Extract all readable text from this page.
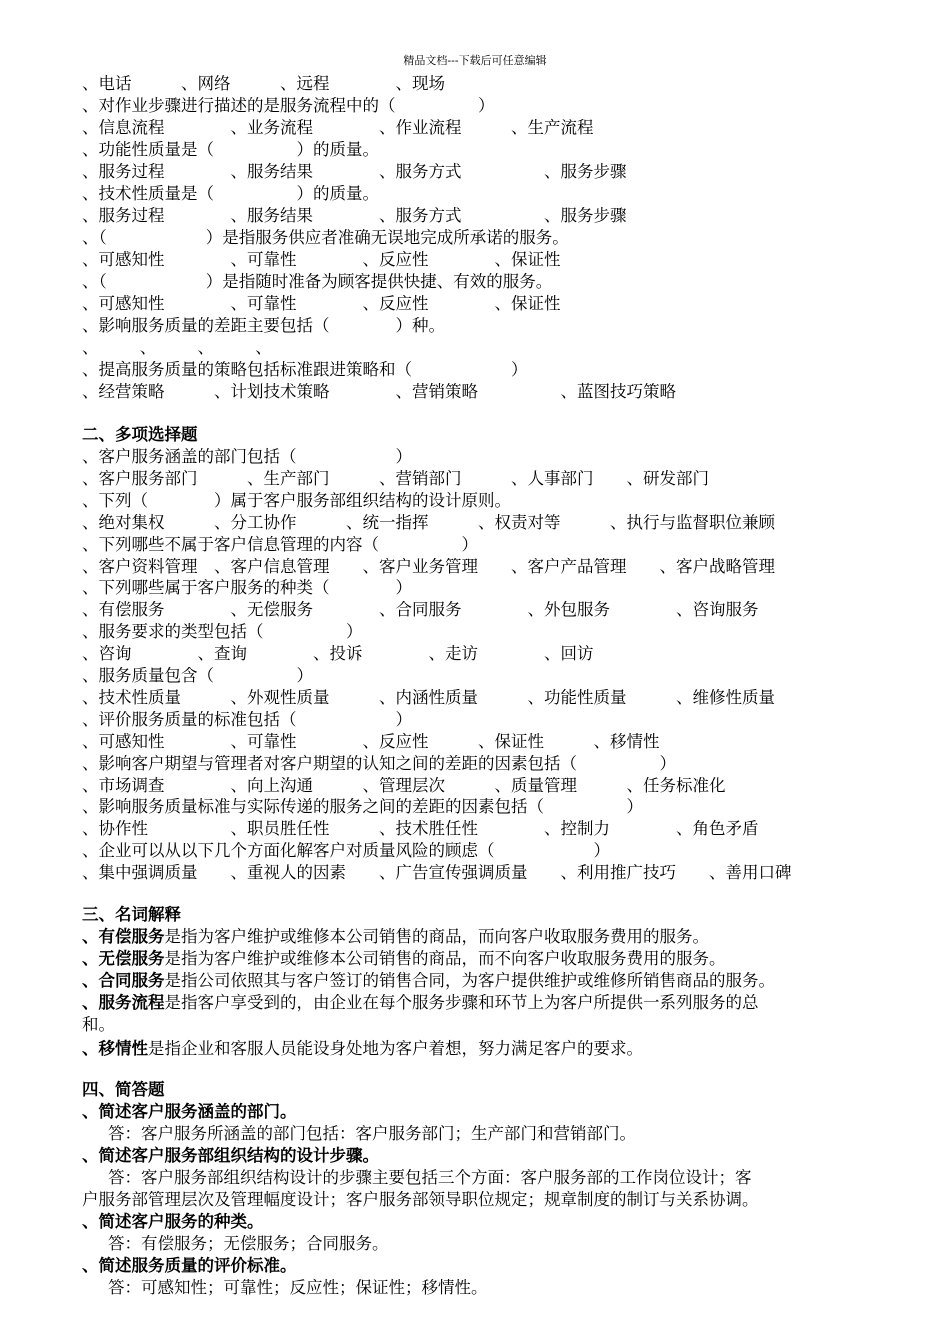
精品文档---下载后可任意编辑
、电话　　　、网络　　　、远程　　　　、现场
、对作业步骤进行描述的是服务流程中的（　　　　　）
、信息流程　　　　、业务流程　　　　、作业流程　　　、生产流程
、功能性质量是（　　　　　）的质量。
、服务过程　　　　、服务结果　　　　、服务方式　　　　　、服务步骤
、技术性质量是（　　　　　）的质量。
、服务过程　　　　、服务结果　　　　、服务方式　　　　　、服务步骤
、（　　　　　　）是指服务供应者准确无误地完成所承诺的服务。
、可感知性　　　　、可靠性　　　　、反应性　　　　、保证性
、（　　　　　　）是指随时准备为顾客提供快捷、有效的服务。
、可感知性　　　　、可靠性　　　　、反应性　　　　、保证性
、影响服务质量的差距主要包括（　　　　）种。
、　　　、　　　、　　　、
、提高服务质量的策略包括标准跟进策略和（　　　　　　）
、经营策略　　　、计划技术策略　　　　、营销策略　　　　　、蓝图技巧策略
二、多项选择题
、客户服务涵盖的部门包括（　　　　　　）
、客户服务部门　　　、生产部门　　　、营销部门　　　、人事部门　　、研发部门
、下列（　　　　）属于客户服务部组织结构的设计原则。
、绝对集权　　　、分工协作　　　、统一指挥　　　、权责对等　　　、执行与监督职位兼顾
、下列哪些不属于客户信息管理的内容（　　　　　）
、客户资料管理　、客户信息管理　　、客户业务管理　　、客户产品管理　　、客户战略管理
、下列哪些属于客户服务的种类（　　　　）
、有偿服务　　　　、无偿服务　　　　、合同服务　　　　、外包服务　　　　、咨询服务
、服务要求的类型包括（　　　　　）
、咨询　　　　、查询　　　　、投诉　　　　、走访　　　　、回访
、服务质量包含（　　　　　）
、技术性质量　　　、外观性质量　　　、内涵性质量　　　、功能性质量　　　、维修性质量
、评价服务质量的标准包括（　　　　　　）
、可感知性　　　　、可靠性　　　　、反应性　　　、保证性　　　、移情性
、影响客户期望与管理者对客户期望的认知之间的差距的因素包括（　　　　　）
、市场调查　　　　、向上沟通　　　、管理层次　　　、质量管理　　　、任务标准化
、影响服务质量标准与实际传递的服务之间的差距的因素包括（　　　　　）
、协作性　　　　　、职员胜任性　　　、技术胜任性　　　　、控制力　　　　、角色矛盾
、企业可以从以下几个方面化解客户对质量风险的顾虑（　　　　　　）
、集中强调质量　　、重视人的因素　　、广告宣传强调质量　　、利用推广技巧　　、善用口碑
三、名词解释
、有偿服务是指为客户维护或维修本公司销售的商品，而向客户收取服务费用的服务。
、无偿服务是指为客户维护或维修本公司销售的商品，而不向客户收取服务费用的服务。
、合同服务是指公司依照其与客户签订的销售合同，为客户提供维护或维修所销售商品的服务。
、服务流程是指客户享受到的，由企业在每个服务步骤和环节上为客户所提供一系列服务的总
和。
、移情性是指企业和客服人员能设身处地为客户着想，努力满足客户的要求。
四、简答题
、简述客户服务涵盖的部门。
答：客户服务所涵盖的部门包括：客户服务部门；生产部门和营销部门。
、简述客户服务部组织结构的设计步骤。
答：客户服务部组织结构设计的步骤主要包括三个方面：客户服务部的工作岗位设计；客
户服务部管理层次及管理幅度设计；客户服务部领导职位规定；规章制度的制订与关系协调。
、简述客户服务的种类。
答：有偿服务；无偿服务；合同服务。
、简述服务质量的评价标准。
答：可感知性；可靠性；反应性；保证性；移情性。
